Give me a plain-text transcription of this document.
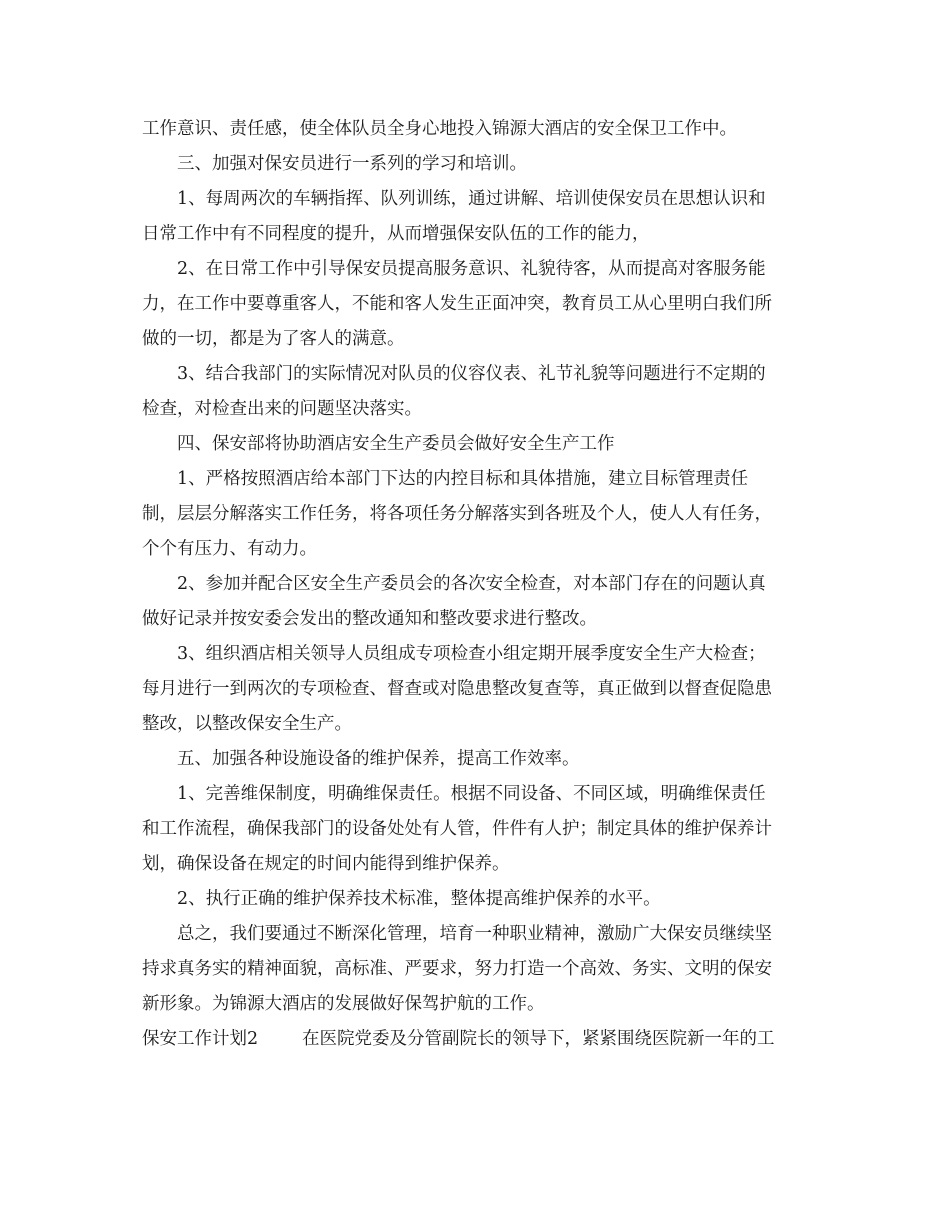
工作意识、责任感，使全体队员全身心地投入锦源大酒店的安全保卫工作中。

三、加强对保安员进行一系列的学习和培训。

1、每周两次的车辆指挥、队列训练，通过讲解、培训使保安员在思想认识和

日常工作中有不同程度的提升，从而增强保安队伍的工作的能力，

2、在日常工作中引导保安员提高服务意识、礼貌待客，从而提高对客服务能

力，在工作中要尊重客人，不能和客人发生正面冲突，教育员工从心里明白我们所

做的一切，都是为了客人的满意。

3、结合我部门的实际情况对队员的仪容仪表、礼节礼貌等问题进行不定期的

检查，对检查出来的问题坚决落实。

四、保安部将协助酒店安全生产委员会做好安全生产工作

1、严格按照酒店给本部门下达的内控目标和具体措施，建立目标管理责任

制，层层分解落实工作任务，将各项任务分解落实到各班及个人，使人人有任务，

个个有压力、有动力。

2、参加并配合区安全生产委员会的各次安全检查，对本部门存在的问题认真

做好记录并按安委会发出的整改通知和整改要求进行整改。

3、组织酒店相关领导人员组成专项检查小组定期开展季度安全生产大检查；

每月进行一到两次的专项检查、督查或对隐患整改复查等，真正做到以督查促隐患

整改，以整改保安全生产。

五、加强各种设施设备的维护保养，提高工作效率。

1、完善维保制度，明确维保责任。根据不同设备、不同区域，明确维保责任

和工作流程，确保我部门的设备处处有人管，件件有人护；制定具体的维护保养计

划，确保设备在规定的时间内能得到维护保养。

2、执行正确的维护保养技术标准，整体提高维护保养的水平。

总之，我们要通过不断深化管理，培育一种职业精神，激励广大保安员继续坚

持求真务实的精神面貌，高标准、严要求，努力打造一个高效、务实、文明的保安

新形象。为锦源大酒店的发展做好保驾护航的工作。

保安工作计划2	在医院党委及分管副院长的领导下，紧紧围绕医院新一年的工
